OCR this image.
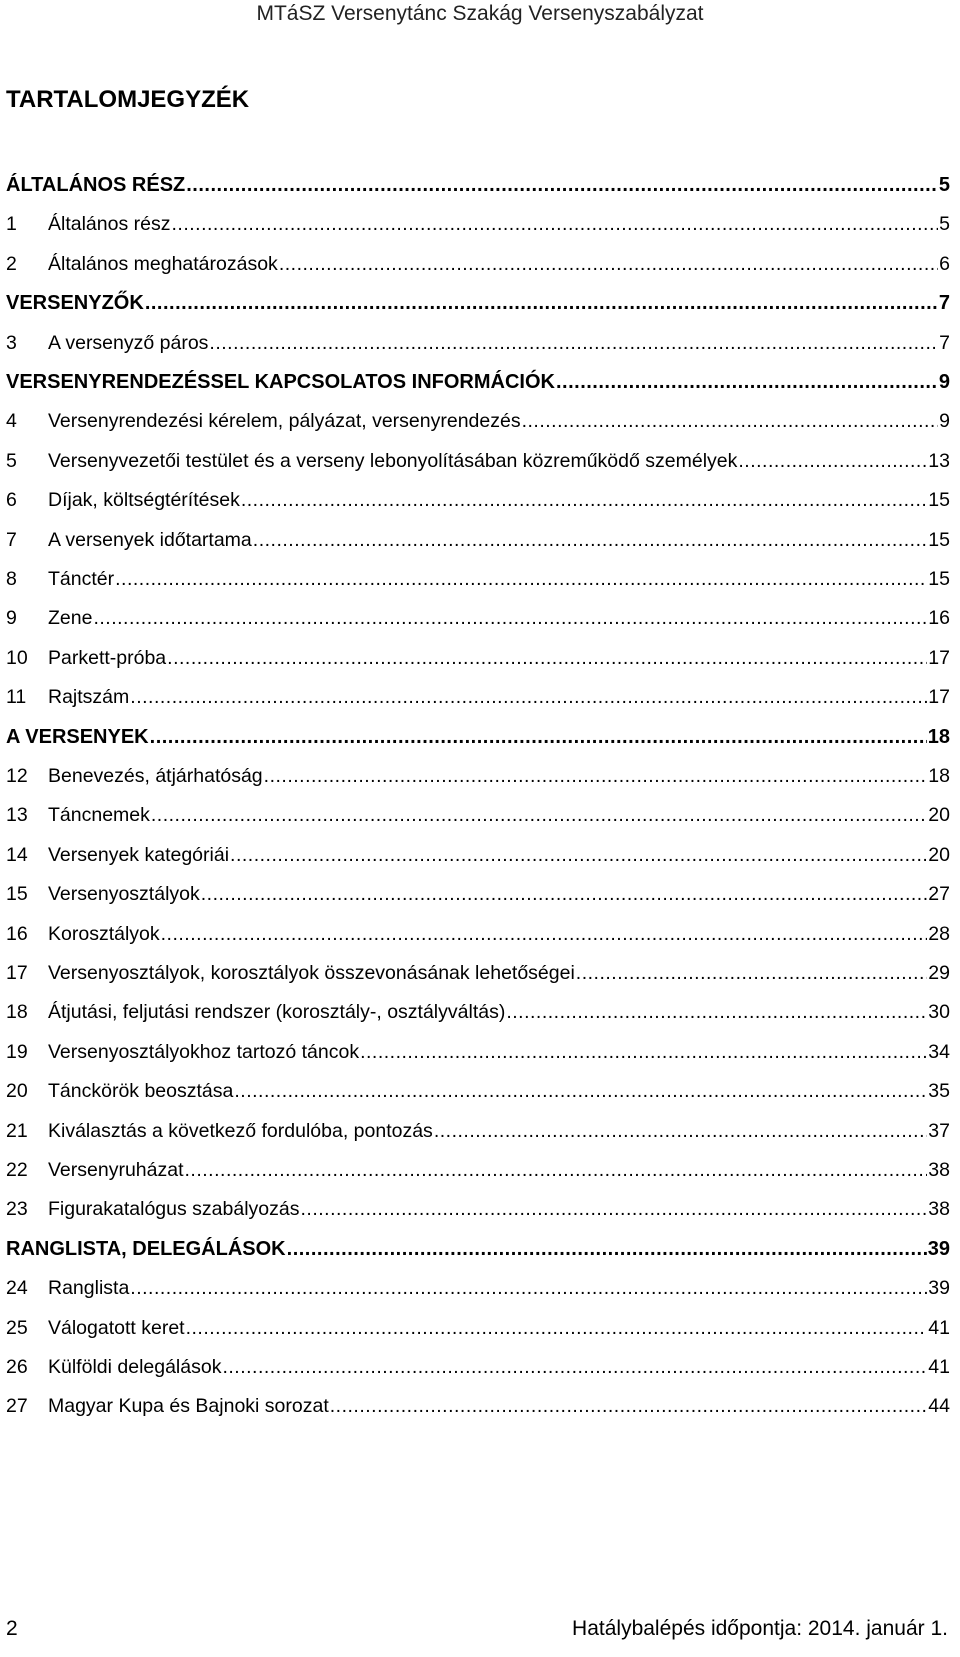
MTáSZ Versenytánc Szakág Versenyszabályzat
TARTALOMJEGYZÉK
ÁLTALÁNOS RÉSZ .....	5
1	Általános rész .....	5
2	Általános meghatározások .....	6
VERSENYZŐK .....	7
3	A versenyző páros .....	7
VERSENYRENDEZÉSSEL KAPCSOLATOS INFORMÁCIÓK .....	9
4	Versenyrendezési kérelem, pályázat, versenyrendezés .....	9
5	Versenyvezetői testület és a verseny lebonyolításában közreműködő személyek .....	13
6	Díjak, költségtérítések .....	15
7	A versenyek időtartama .....	15
8	Tánctér .....	15
9	Zene .....	16
10	Parkett-próba .....	17
11	Rajtszám .....	17
A VERSENYEK .....	18
12	Benevezés, átjárhatóság .....	18
13	Táncnemek .....	20
14	Versenyek kategóriái .....	20
15	Versenyosztályok .....	27
16	Korosztályok .....	28
17	Versenyosztályok, korosztályok összevonásának lehetőségei .....	29
18	Átjutási, feljutási rendszer (korosztály-, osztályváltás) .....	30
19	Versenyosztályokhoz tartozó táncok .....	34
20	Tánckörök beosztása .....	35
21	Kiválasztás a következő fordulóba, pontozás .....	37
22	Versenyruházat .....	38
23	Figurakatalógus szabályozás .....	38
RANGLISTA, DELEGÁLÁSOK .....	39
24	Ranglista .....	39
25	Válogatott keret .....	41
26	Külföldi delegálások .....	41
27	Magyar Kupa és Bajnoki sorozat .....	44
2	Hatálybalépés időpontja: 2014. január 1.
